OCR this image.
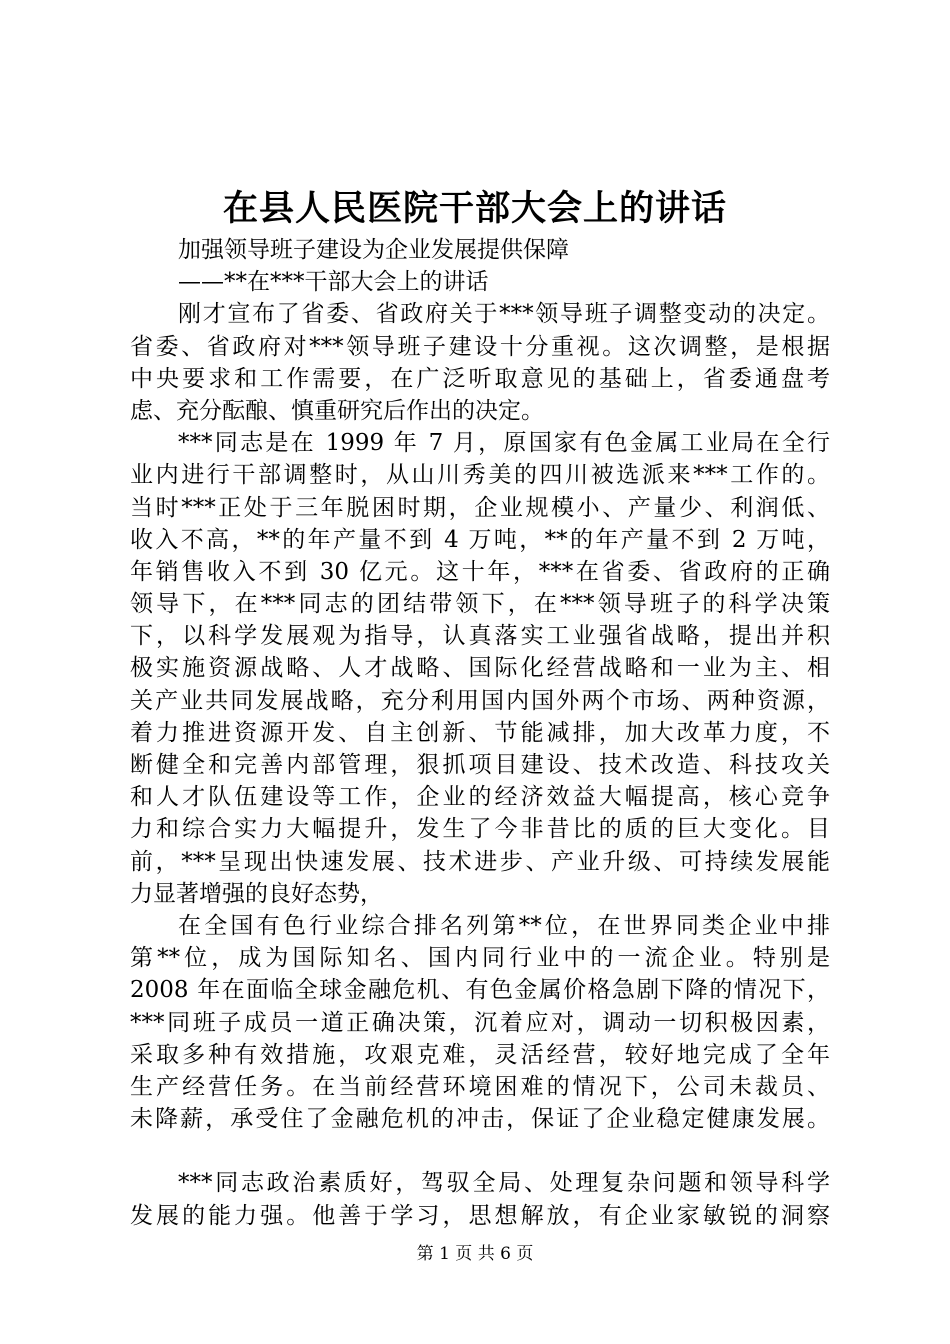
在县人民医院干部大会上的讲话
加强领导班子建设为企业发展提供保障
——**在***干部大会上的讲话
刚才宣布了省委、省政府关于***领导班子调整变动的决定。
省委、省政府对***领导班子建设十分重视。这次调整，是根据
中央要求和工作需要，在广泛听取意见的基础上，省委通盘考
虑、充分酝酿、慎重研究后作出的决定。
***同志是在 1999 年 7 月，原国家有色金属工业局在全行
业内进行干部调整时，从山川秀美的四川被选派来***工作的。
当时***正处于三年脱困时期，企业规模小、产量少、利润低、
收入不高，**的年产量不到 4 万吨，**的年产量不到 2 万吨，
年销售收入不到 30 亿元。这十年，***在省委、省政府的正确
领导下，在***同志的团结带领下，在***领导班子的科学决策
下，以科学发展观为指导，认真落实工业强省战略，提出并积
极实施资源战略、人才战略、国际化经营战略和一业为主、相
关产业共同发展战略，充分利用国内国外两个市场、两种资源，
着力推进资源开发、自主创新、节能减排，加大改革力度，不
断健全和完善内部管理，狠抓项目建设、技术改造、科技攻关
和人才队伍建设等工作，企业的经济效益大幅提高，核心竞争
力和综合实力大幅提升，发生了今非昔比的质的巨大变化。目
前，***呈现出快速发展、技术进步、产业升级、可持续发展能
力显著增强的良好态势，
在全国有色行业综合排名列第**位，在世界同类企业中排
第**位，成为国际知名、国内同行业中的一流企业。特别是
2008 年在面临全球金融危机、有色金属价格急剧下降的情况下，
***同班子成员一道正确决策，沉着应对，调动一切积极因素，
采取多种有效措施，攻艰克难，灵活经营，较好地完成了全年
生产经营任务。在当前经营环境困难的情况下，公司未裁员、
未降薪，承受住了金融危机的冲击，保证了企业稳定健康发展。
***同志政治素质好，驾驭全局、处理复杂问题和领导科学
发展的能力强。他善于学习，思想解放，有企业家敏锐的洞察
第 1 页 共 6 页
